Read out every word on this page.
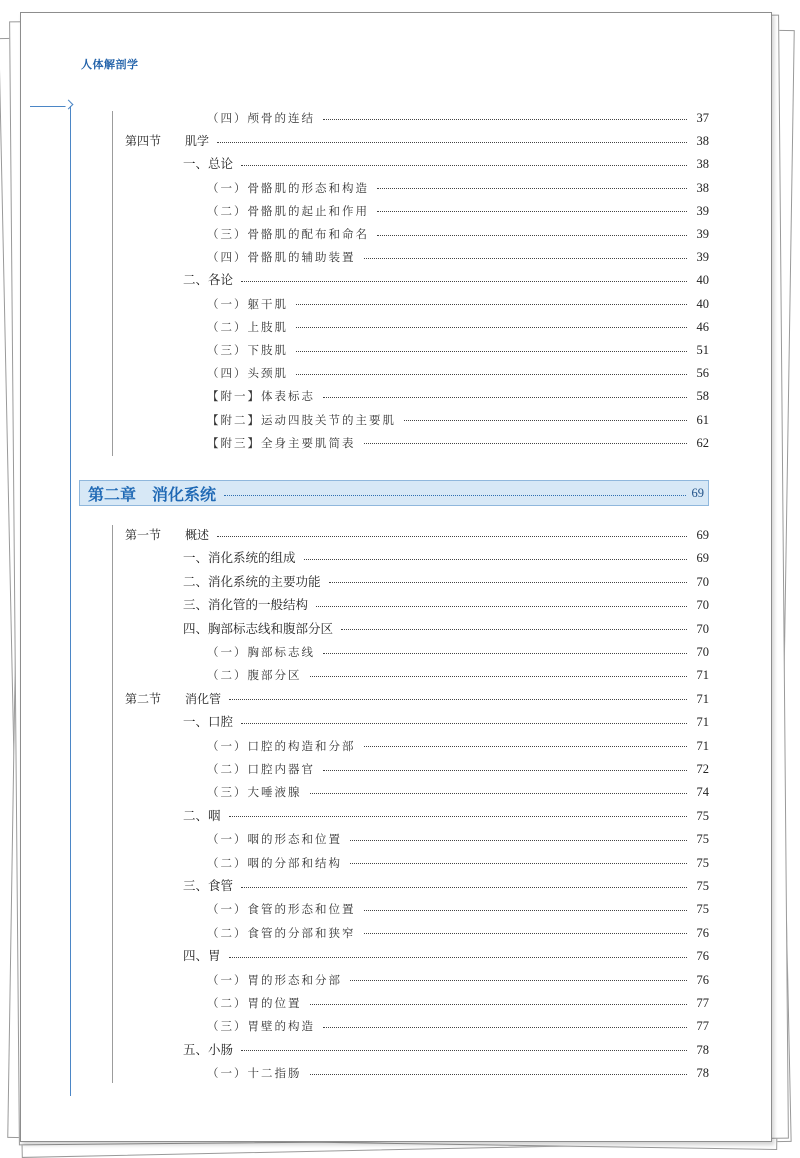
人体解剖学
（四）颅骨的连结	37
第四节 肌学	38
一、总论	38
（一）骨骼肌的形态和构造	38
（二）骨骼肌的起止和作用	39
（三）骨骼肌的配布和命名	39
（四）骨骼肌的辅助装置	39
二、各论	40
（一）躯干肌	40
（二）上肢肌	46
（三）下肢肌	51
（四）头颈肌	56
【附一】体表标志	58
【附二】运动四肢关节的主要肌	61
【附三】全身主要肌简表	62
第二章　消化系统	69
第一节 概述	69
一、消化系统的组成	69
二、消化系统的主要功能	70
三、消化管的一般结构	70
四、胸部标志线和腹部分区	70
（一）胸部标志线	70
（二）腹部分区	71
第二节 消化管	71
一、口腔	71
（一）口腔的构造和分部	71
（二）口腔内器官	72
（三）大唾液腺	74
二、咽	75
（一）咽的形态和位置	75
（二）咽的分部和结构	75
三、食管	75
（一）食管的形态和位置	75
（二）食管的分部和狭窄	76
四、胃	76
（一）胃的形态和分部	76
（二）胃的位置	77
（三）胃壁的构造	77
五、小肠	78
（一）十二指肠	78
